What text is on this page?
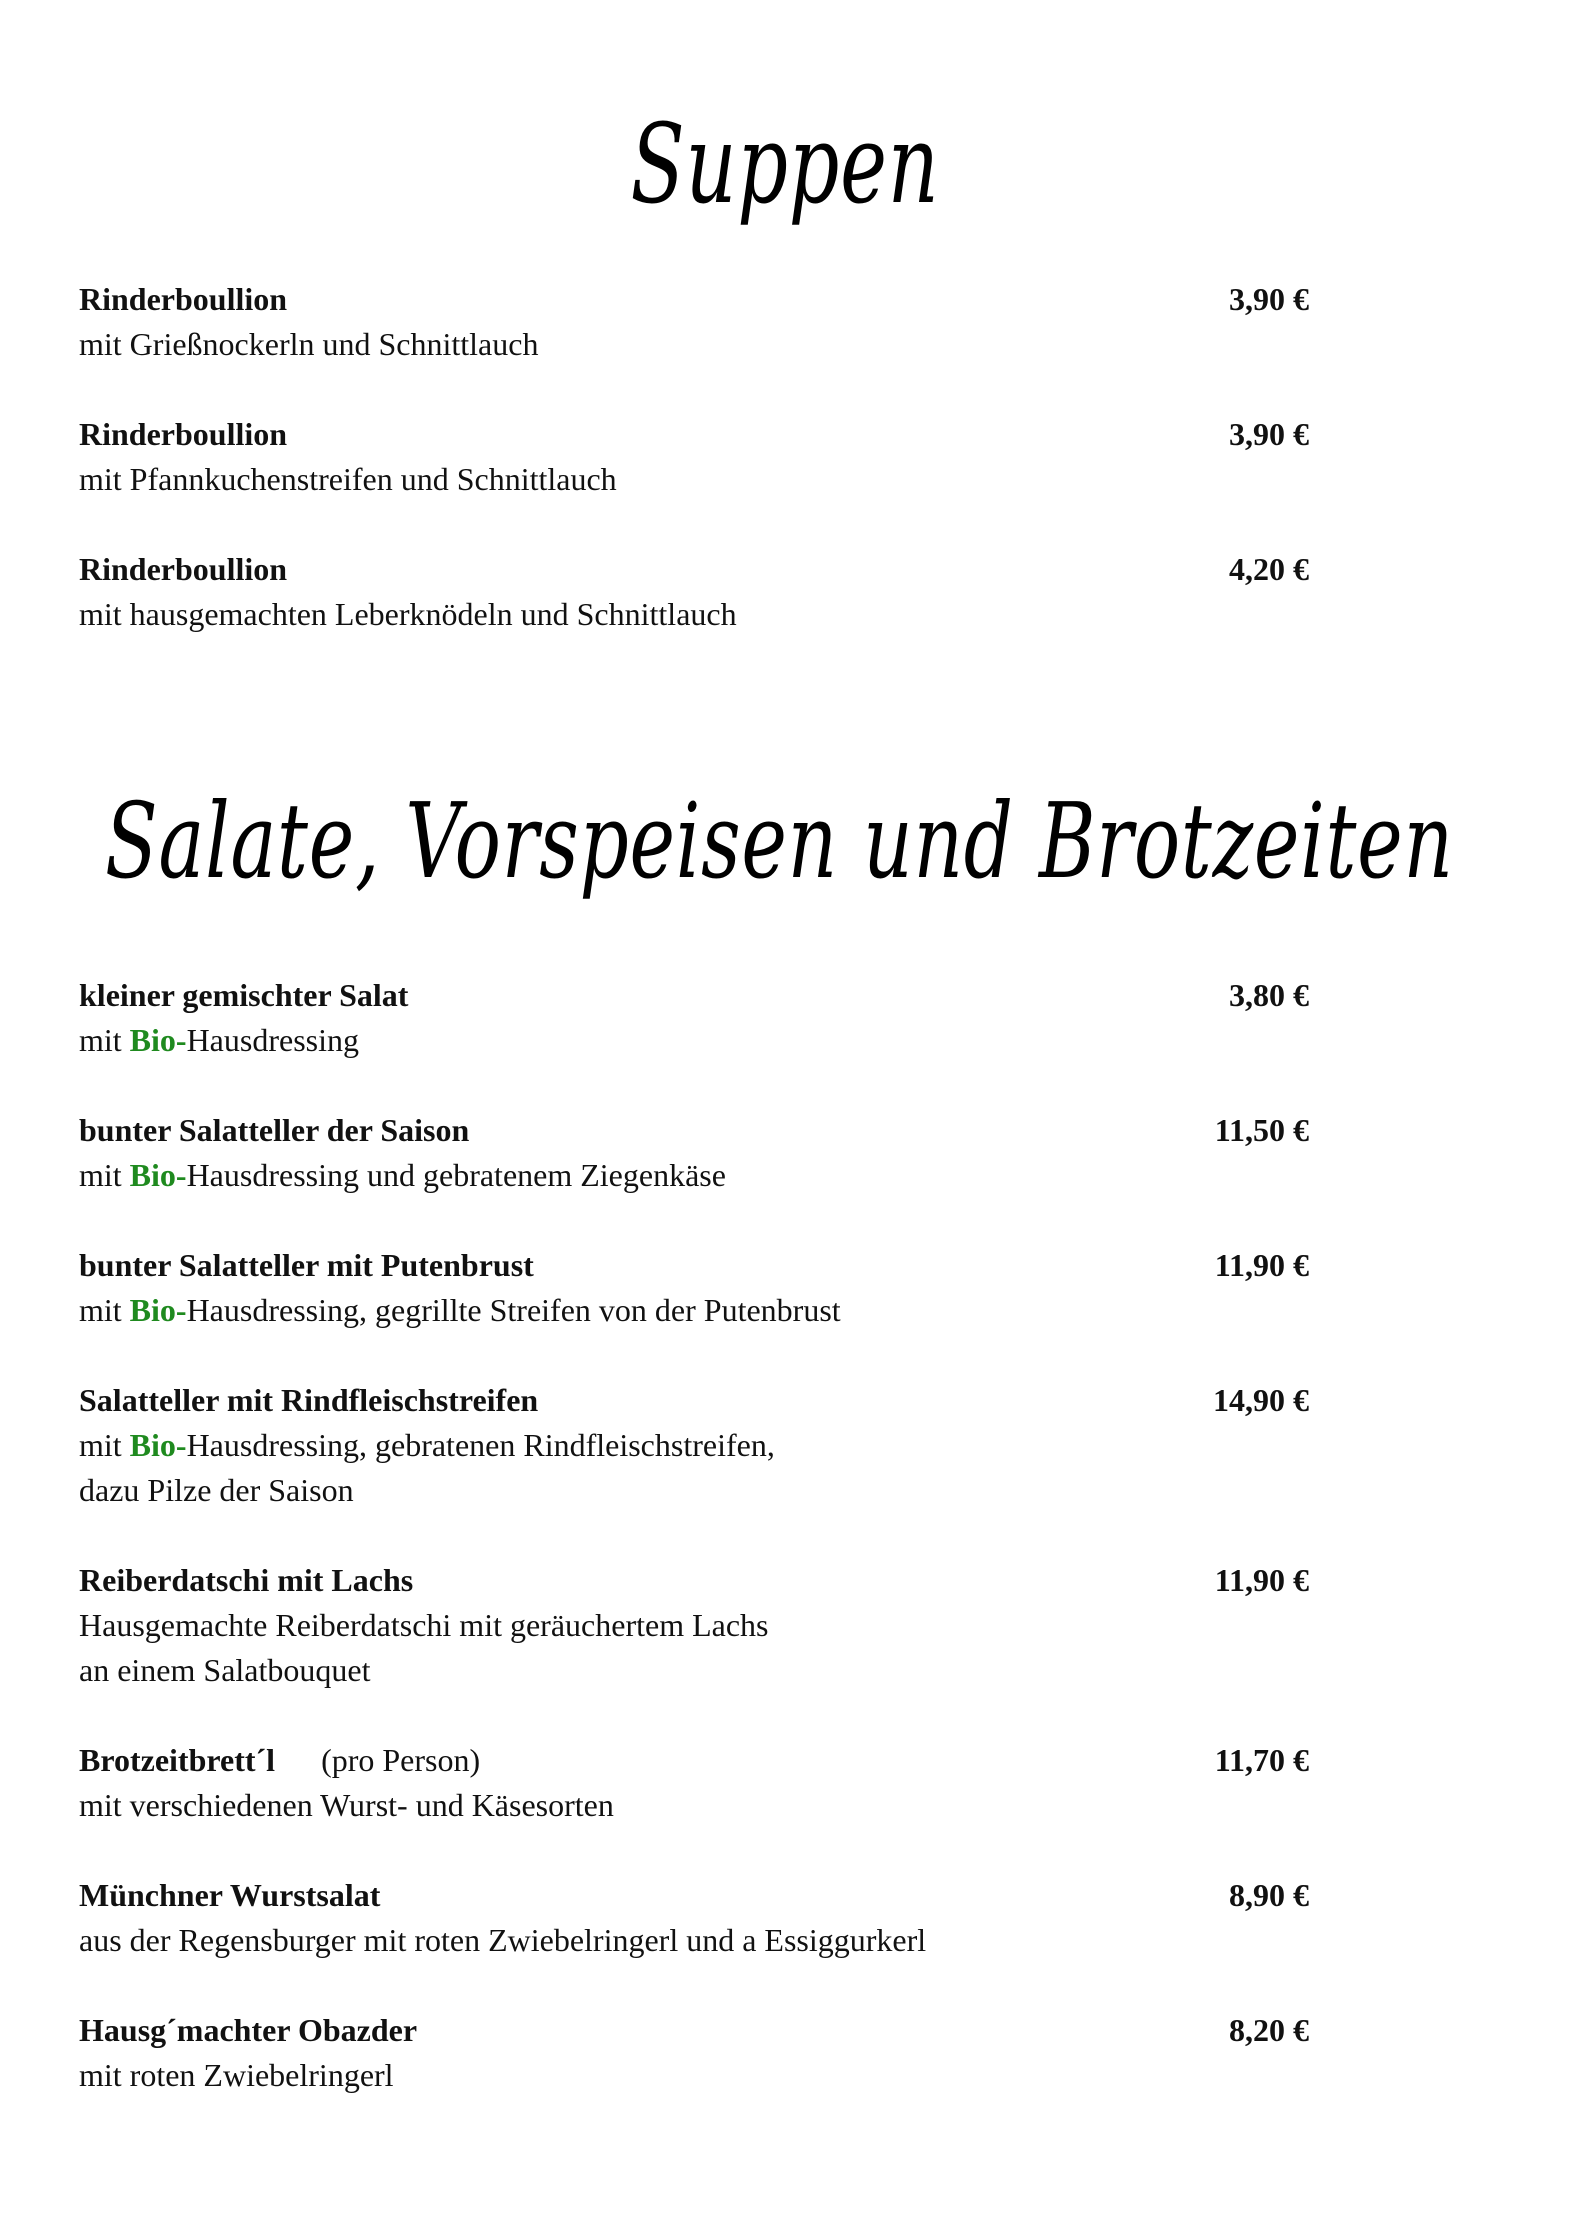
Suppen
Rinderboullion	3,90 €
mit Grießnockerln und Schnittlauch
Rinderboullion	3,90 €
mit Pfannkuchenstreifen und Schnittlauch
Rinderboullion	4,20 €
mit hausgemachten Leberknödeln und Schnittlauch
Salate, Vorspeisen und Brotzeiten
kleiner gemischter Salat	3,80 €
mit Bio-Hausdressing
bunter Salatteller der Saison	11,50 €
mit Bio-Hausdressing und gebratenem Ziegenkäse
bunter Salatteller mit Putenbrust	11,90 €
mit Bio-Hausdressing, gegrillte Streifen von der Putenbrust
Salatteller mit Rindfleischstreifen	14,90 €
mit Bio-Hausdressing, gebratenen Rindfleischstreifen,
dazu Pilze der Saison
Reiberdatschi mit Lachs	11,90 €
Hausgemachte Reiberdatschi mit geräuchertem Lachs
an einem Salatbouquet
Brotzeitbrett´l (pro Person)	11,70 €
mit verschiedenen Wurst- und Käsesorten
Münchner Wurstsalat	8,90 €
aus der Regensburger mit roten Zwiebelringerl und a Essiggurkerl
Hausg´machter Obazder	8,20 €
mit roten Zwiebelringerl
